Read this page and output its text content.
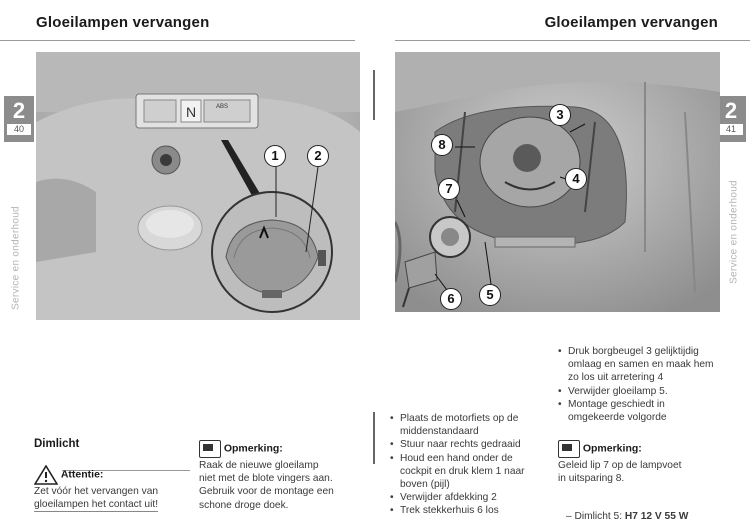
Gloeilampen vervangen	Gloeilampen vervangen
2
40
2
41
Service en onderhoud	Service en onderhoud
N	ABS
1	2
3
8
4
7
5
6
Dimlicht
Attentie:
Zet vóór het vervangen van
gloeilampen het contact uit!
Opmerking:
Raak de nieuwe gloeilamp
niet met de blote vingers aan.
Gebruik voor de montage een
schone droge doek.
• Plaats de motorfiets op de middenstandaard
• Stuur naar rechts gedraaid
• Houd een hand onder de cockpit en druk klem 1 naar boven (pijl)
• Verwijder afdekking 2
• Trek stekkerhuis 6 los
• Druk borgbeugel 3 gelijktijdig omlaag en samen en maak hem zo los uit arretering 4
• Verwijder gloeilamp 5.
• Montage geschiedt in omgekeerde volgorde
Opmerking:
Geleid lip 7 op de lampvoet
in uitsparing 8.
– Dimlicht 5: H7 12 V 55 W
